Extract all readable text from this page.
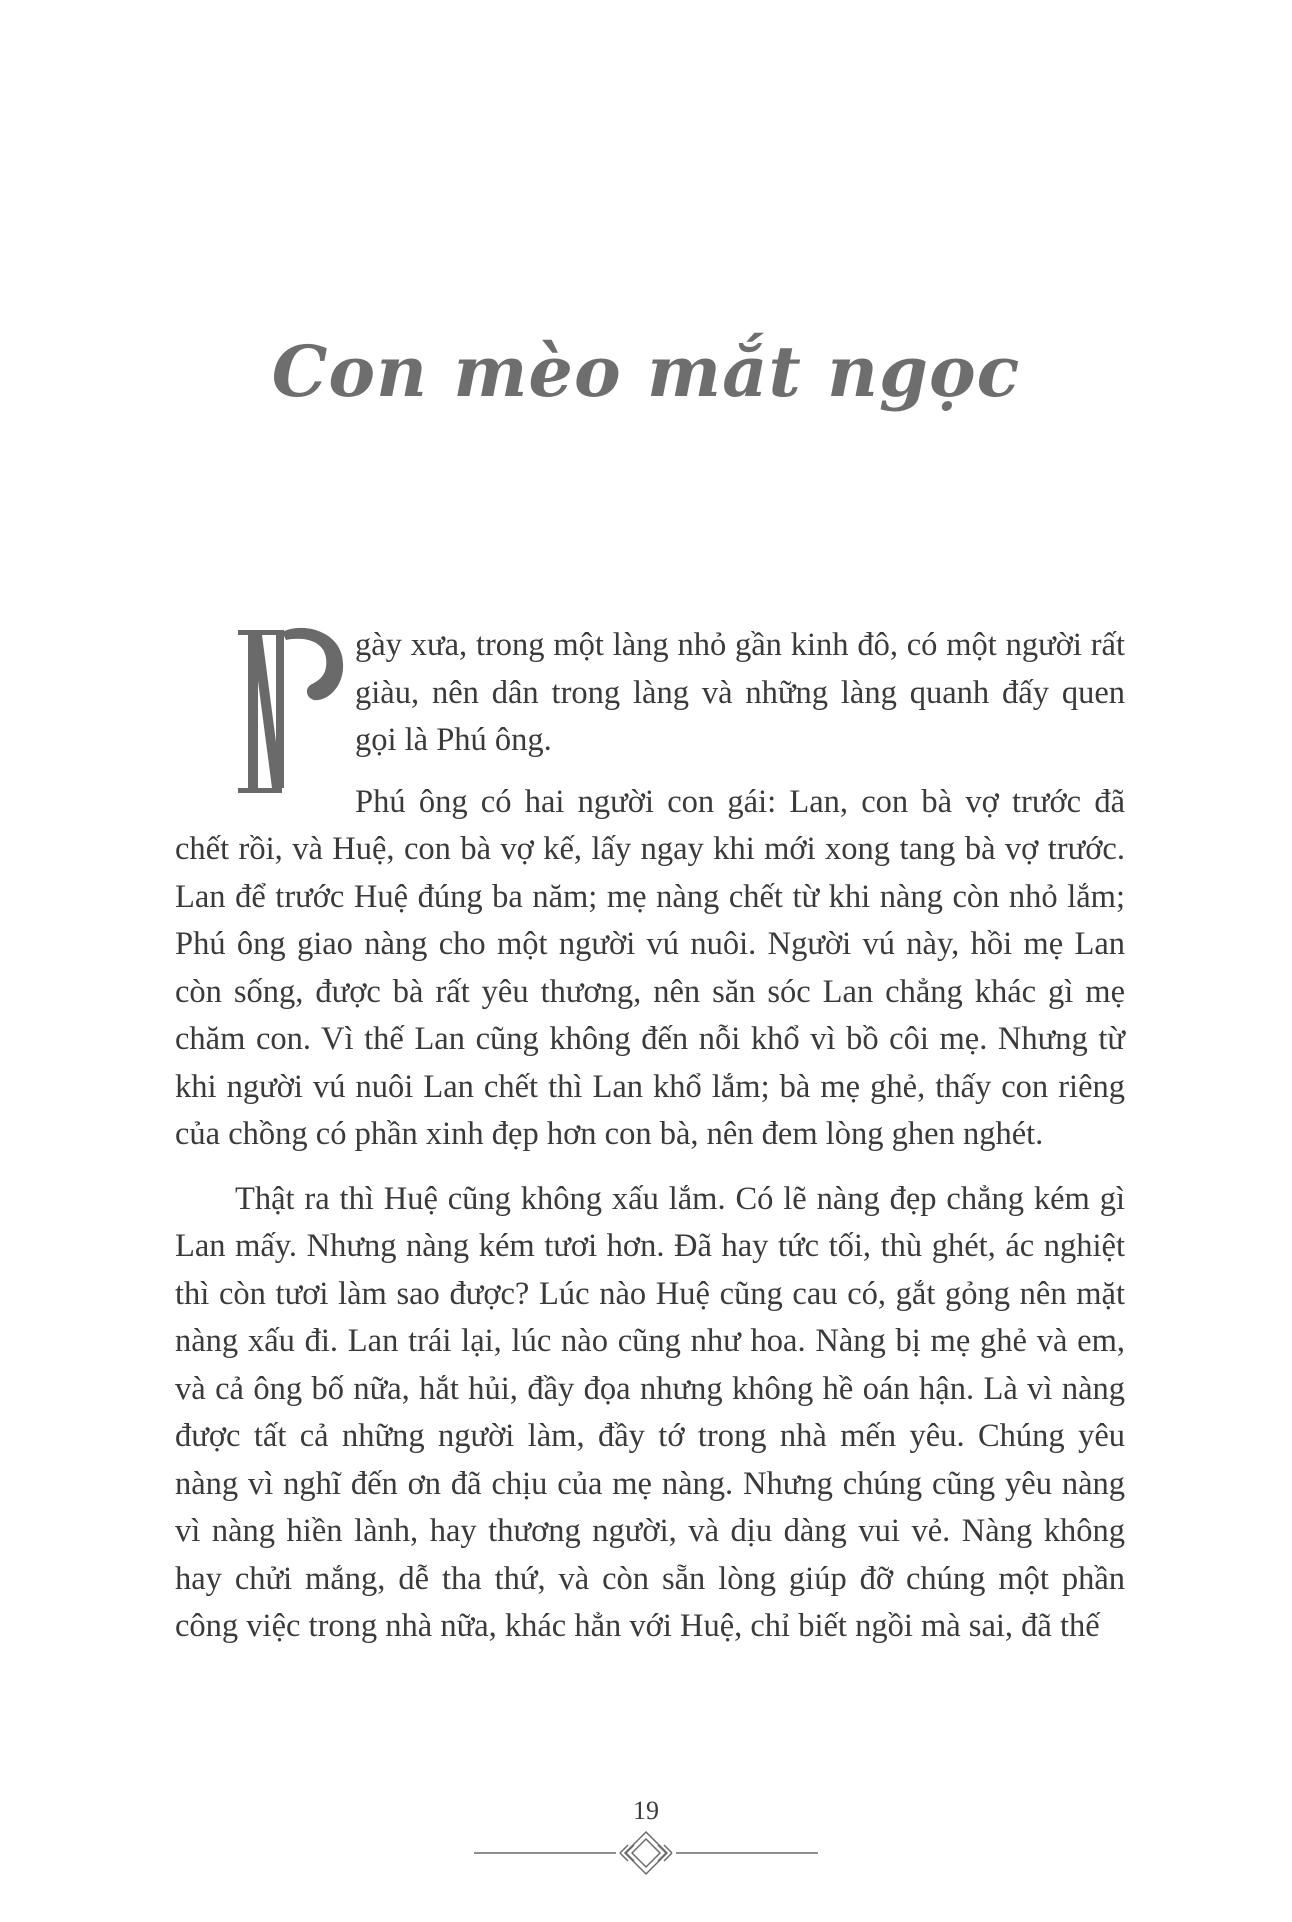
Con mèo mắt ngọc

gày xưa, trong một làng nhỏ gần kinh đô, có một người rất giàu, nên dân trong làng và những làng quanh đấy quen gọi là Phú ông.

Phú ông có hai người con gái: Lan, con bà vợ trước đã chết rồi, và Huệ, con bà vợ kế, lấy ngay khi mới xong tang bà vợ trước. Lan để trước Huệ đúng ba năm; mẹ nàng chết từ khi nàng còn nhỏ lắm; Phú ông giao nàng cho một người vú nuôi. Người vú này, hồi mẹ Lan còn sống, được bà rất yêu thương, nên săn sóc Lan chẳng khác gì mẹ chăm con. Vì thế Lan cũng không đến nỗi khổ vì bồ côi mẹ. Nhưng từ khi người vú nuôi Lan chết thì Lan khổ lắm; bà mẹ ghẻ, thấy con riêng của chồng có phần xinh đẹp hơn con bà, nên đem lòng ghen nghét.

Thật ra thì Huệ cũng không xấu lắm. Có lẽ nàng đẹp chẳng kém gì Lan mấy. Nhưng nàng kém tươi hơn. Đã hay tức tối, thù ghét, ác nghiệt thì còn tươi làm sao được? Lúc nào Huệ cũng cau có, gắt gỏng nên mặt nàng xấu đi. Lan trái lại, lúc nào cũng như hoa. Nàng bị mẹ ghẻ và em, và cả ông bố nữa, hắt hủi, đầy đọa nhưng không hề oán hận. Là vì nàng được tất cả những người làm, đầy tớ trong nhà mến yêu. Chúng yêu nàng vì nghĩ đến ơn đã chịu của mẹ nàng. Nhưng chúng cũng yêu nàng vì nàng hiền lành, hay thương người, và dịu dàng vui vẻ. Nàng không hay chửi mắng, dễ tha thứ, và còn sẵn lòng giúp đỡ chúng một phần công việc trong nhà nữa, khác hẳn với Huệ, chỉ biết ngồi mà sai, đã thế

19
